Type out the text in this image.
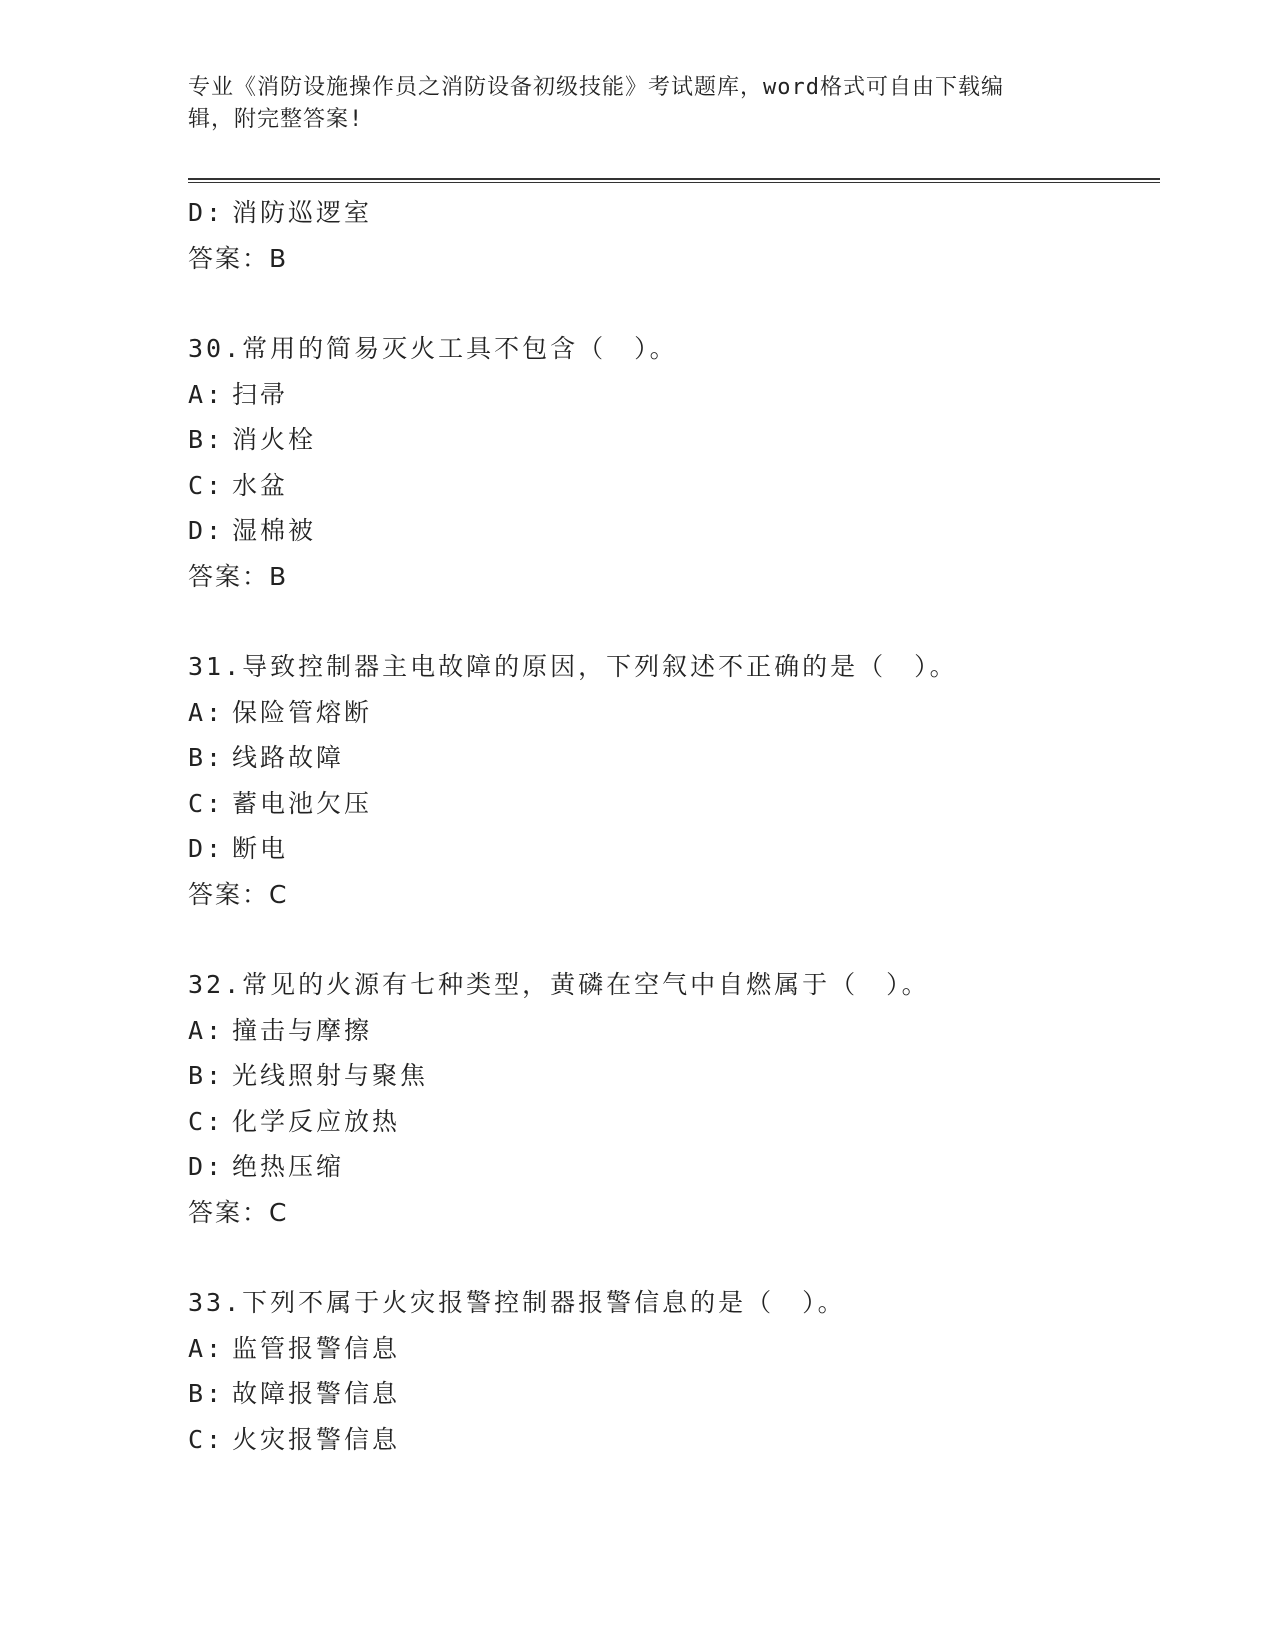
专业《消防设施操作员之消防设备初级技能》考试题库，word格式可自由下载编
辑，附完整答案!
D: 消防巡逻室
答案：B
30.常用的简易灭火工具不包含（　）。
A: 扫帚
B: 消火栓
C: 水盆
D: 湿棉被
答案：B
31.导致控制器主电故障的原因，下列叙述不正确的是（　）。
A: 保险管熔断
B: 线路故障
C: 蓄电池欠压
D: 断电
答案：C
32.常见的火源有七种类型，黄磷在空气中自燃属于（　）。
A: 撞击与摩擦
B: 光线照射与聚焦
C: 化学反应放热
D: 绝热压缩
答案：C
33.下列不属于火灾报警控制器报警信息的是（　）。
A: 监管报警信息
B: 故障报警信息
C: 火灾报警信息
